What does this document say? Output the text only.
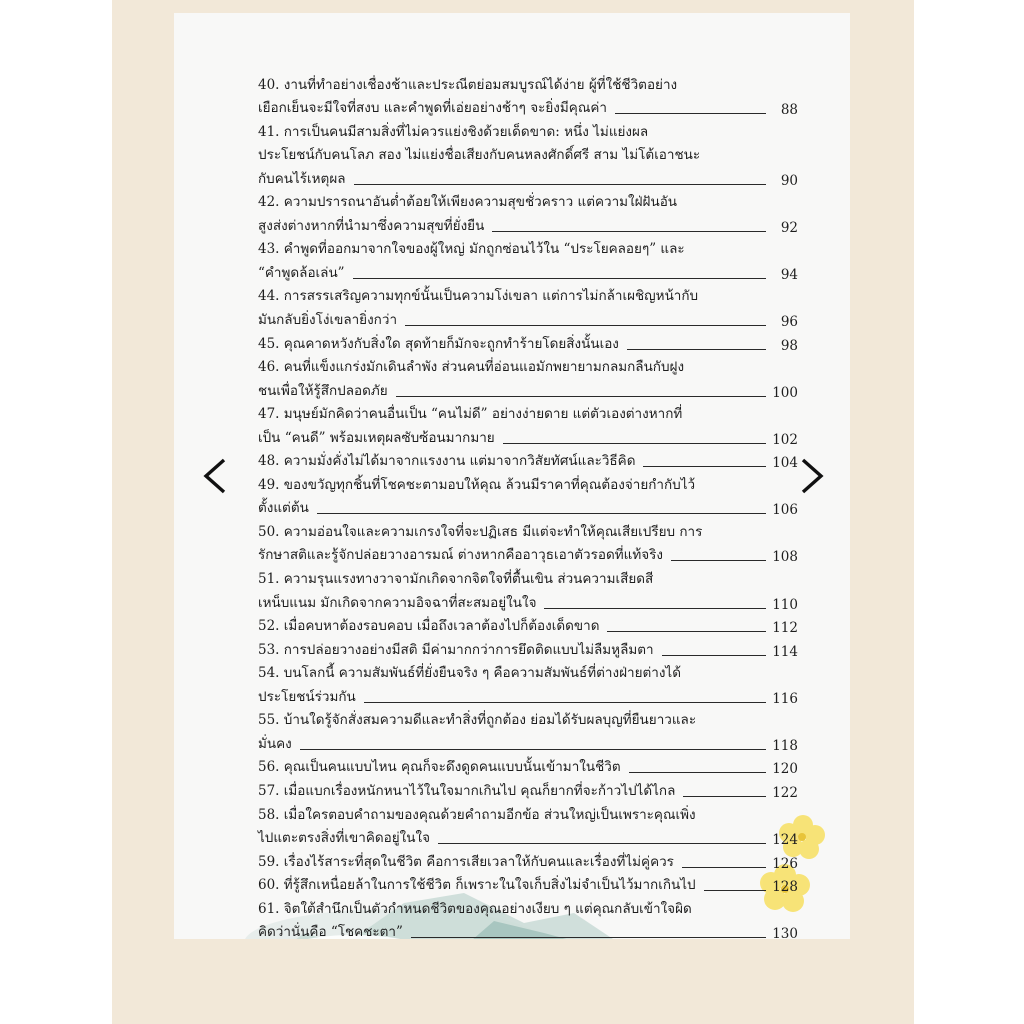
40. งานที่ทำอย่างเชื่องช้าและประณีตย่อมสมบูรณ์ได้ง่าย ผู้ที่ใช้ชีวิตอย่าง
เยือกเย็นจะมีใจที่สงบ และคำพูดที่เอ่ยอย่างช้าๆ จะยิ่งมีคุณค่า	88
41. การเป็นคนมีสามสิ่งที่ไม่ควรแย่งชิงด้วยเด็ดขาด: หนึ่ง ไม่แย่งผล
ประโยชน์กับคนโลภ สอง ไม่แย่งชื่อเสียงกับคนหลงศักดิ์ศรี สาม ไม่โต้เอาชนะ
กับคนไร้เหตุผล	90
42. ความปรารถนาอันต่ำต้อยให้เพียงความสุขชั่วคราว แต่ความใฝ่ฝันอัน
สูงส่งต่างหากที่นำมาซึ่งความสุขที่ยั่งยืน	92
43. คำพูดที่ออกมาจากใจของผู้ใหญ่ มักถูกซ่อนไว้ใน “ประโยคลอยๆ” และ
“คำพูดล้อเล่น”	94
44. การสรรเสริญความทุกข์นั้นเป็นความโง่เขลา แต่การไม่กล้าเผชิญหน้ากับ
มันกลับยิ่งโง่เขลายิ่งกว่า	96
45. คุณคาดหวังกับสิ่งใด สุดท้ายก็มักจะถูกทำร้ายโดยสิ่งนั้นเอง	98
46. คนที่แข็งแกร่งมักเดินลำพัง ส่วนคนที่อ่อนแอมักพยายามกลมกลืนกับฝูง
ชนเพื่อให้รู้สึกปลอดภัย	100
47. มนุษย์มักคิดว่าคนอื่นเป็น “คนไม่ดี” อย่างง่ายดาย แต่ตัวเองต่างหากที่
เป็น “คนดี” พร้อมเหตุผลซับซ้อนมากมาย	102
48. ความมั่งคั่งไม่ได้มาจากแรงงาน แต่มาจากวิสัยทัศน์และวิธีคิด	104
49. ของขวัญทุกชิ้นที่โชคชะตามอบให้คุณ ล้วนมีราคาที่คุณต้องจ่ายกำกับไว้
ตั้งแต่ต้น	106
50. ความอ่อนใจและความเกรงใจที่จะปฏิเสธ มีแต่จะทำให้คุณเสียเปรียบ การ
รักษาสติและรู้จักปล่อยวางอารมณ์ ต่างหากคืออาวุธเอาตัวรอดที่แท้จริง	108
51. ความรุนแรงทางวาจามักเกิดจากจิตใจที่ตื้นเขิน ส่วนความเสียดสี
เหน็บแนม มักเกิดจากความอิจฉาที่สะสมอยู่ในใจ	110
52. เมื่อคบหาต้องรอบคอบ เมื่อถึงเวลาต้องไปก็ต้องเด็ดขาด	112
53. การปล่อยวางอย่างมีสติ มีค่ามากกว่าการยึดติดแบบไม่ลืมหูลืมตา	114
54. บนโลกนี้ ความสัมพันธ์ที่ยั่งยืนจริง ๆ คือความสัมพันธ์ที่ต่างฝ่ายต่างได้
ประโยชน์ร่วมกัน	116
55. บ้านใดรู้จักสั่งสมความดีและทำสิ่งที่ถูกต้อง ย่อมได้รับผลบุญที่ยืนยาวและ
มั่นคง	118
56. คุณเป็นคนแบบไหน คุณก็จะดึงดูดคนแบบนั้นเข้ามาในชีวิต	120
57. เมื่อแบกเรื่องหนักหนาไว้ในใจมากเกินไป คุณก็ยากที่จะก้าวไปได้ไกล	122
58. เมื่อใครตอบคำถามของคุณด้วยคำถามอีกข้อ ส่วนใหญ่เป็นเพราะคุณเพิ่ง
ไปแตะตรงสิ่งที่เขาคิดอยู่ในใจ	124
59. เรื่องไร้สาระที่สุดในชีวิต คือการเสียเวลาให้กับคนและเรื่องที่ไม่คู่ควร	126
60. ที่รู้สึกเหนื่อยล้าในการใช้ชีวิต ก็เพราะในใจเก็บสิ่งไม่จำเป็นไว้มากเกินไป	128
61. จิตใต้สำนึกเป็นตัวกำหนดชีวิตของคุณอย่างเงียบ ๆ แต่คุณกลับเข้าใจผิด
คิดว่านั่นคือ “โชคชะตา”	130
